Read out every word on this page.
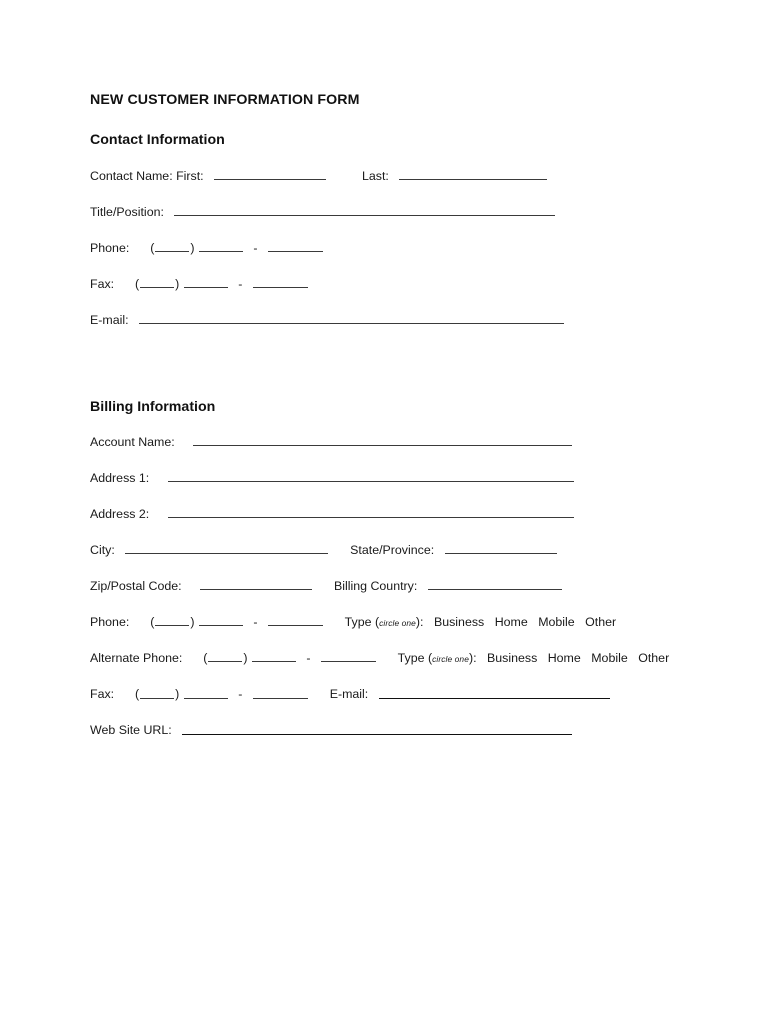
NEW CUSTOMER INFORMATION FORM
Contact Information
Contact Name: First:	Last:
Title/Position:
Phone: (	)	-
Fax: (	)	-
E-mail:
Billing Information
Account Name:
Address 1:
Address 2:
City:	State/Province:
Zip/Postal Code:	Billing Country:
Phone: (	)	-	Type (circle one): Business Home Mobile Other
Alternate Phone: (	)	-	Type (circle one): Business Home Mobile Other
Fax: (	)	-	E-mail:
Web Site URL:
